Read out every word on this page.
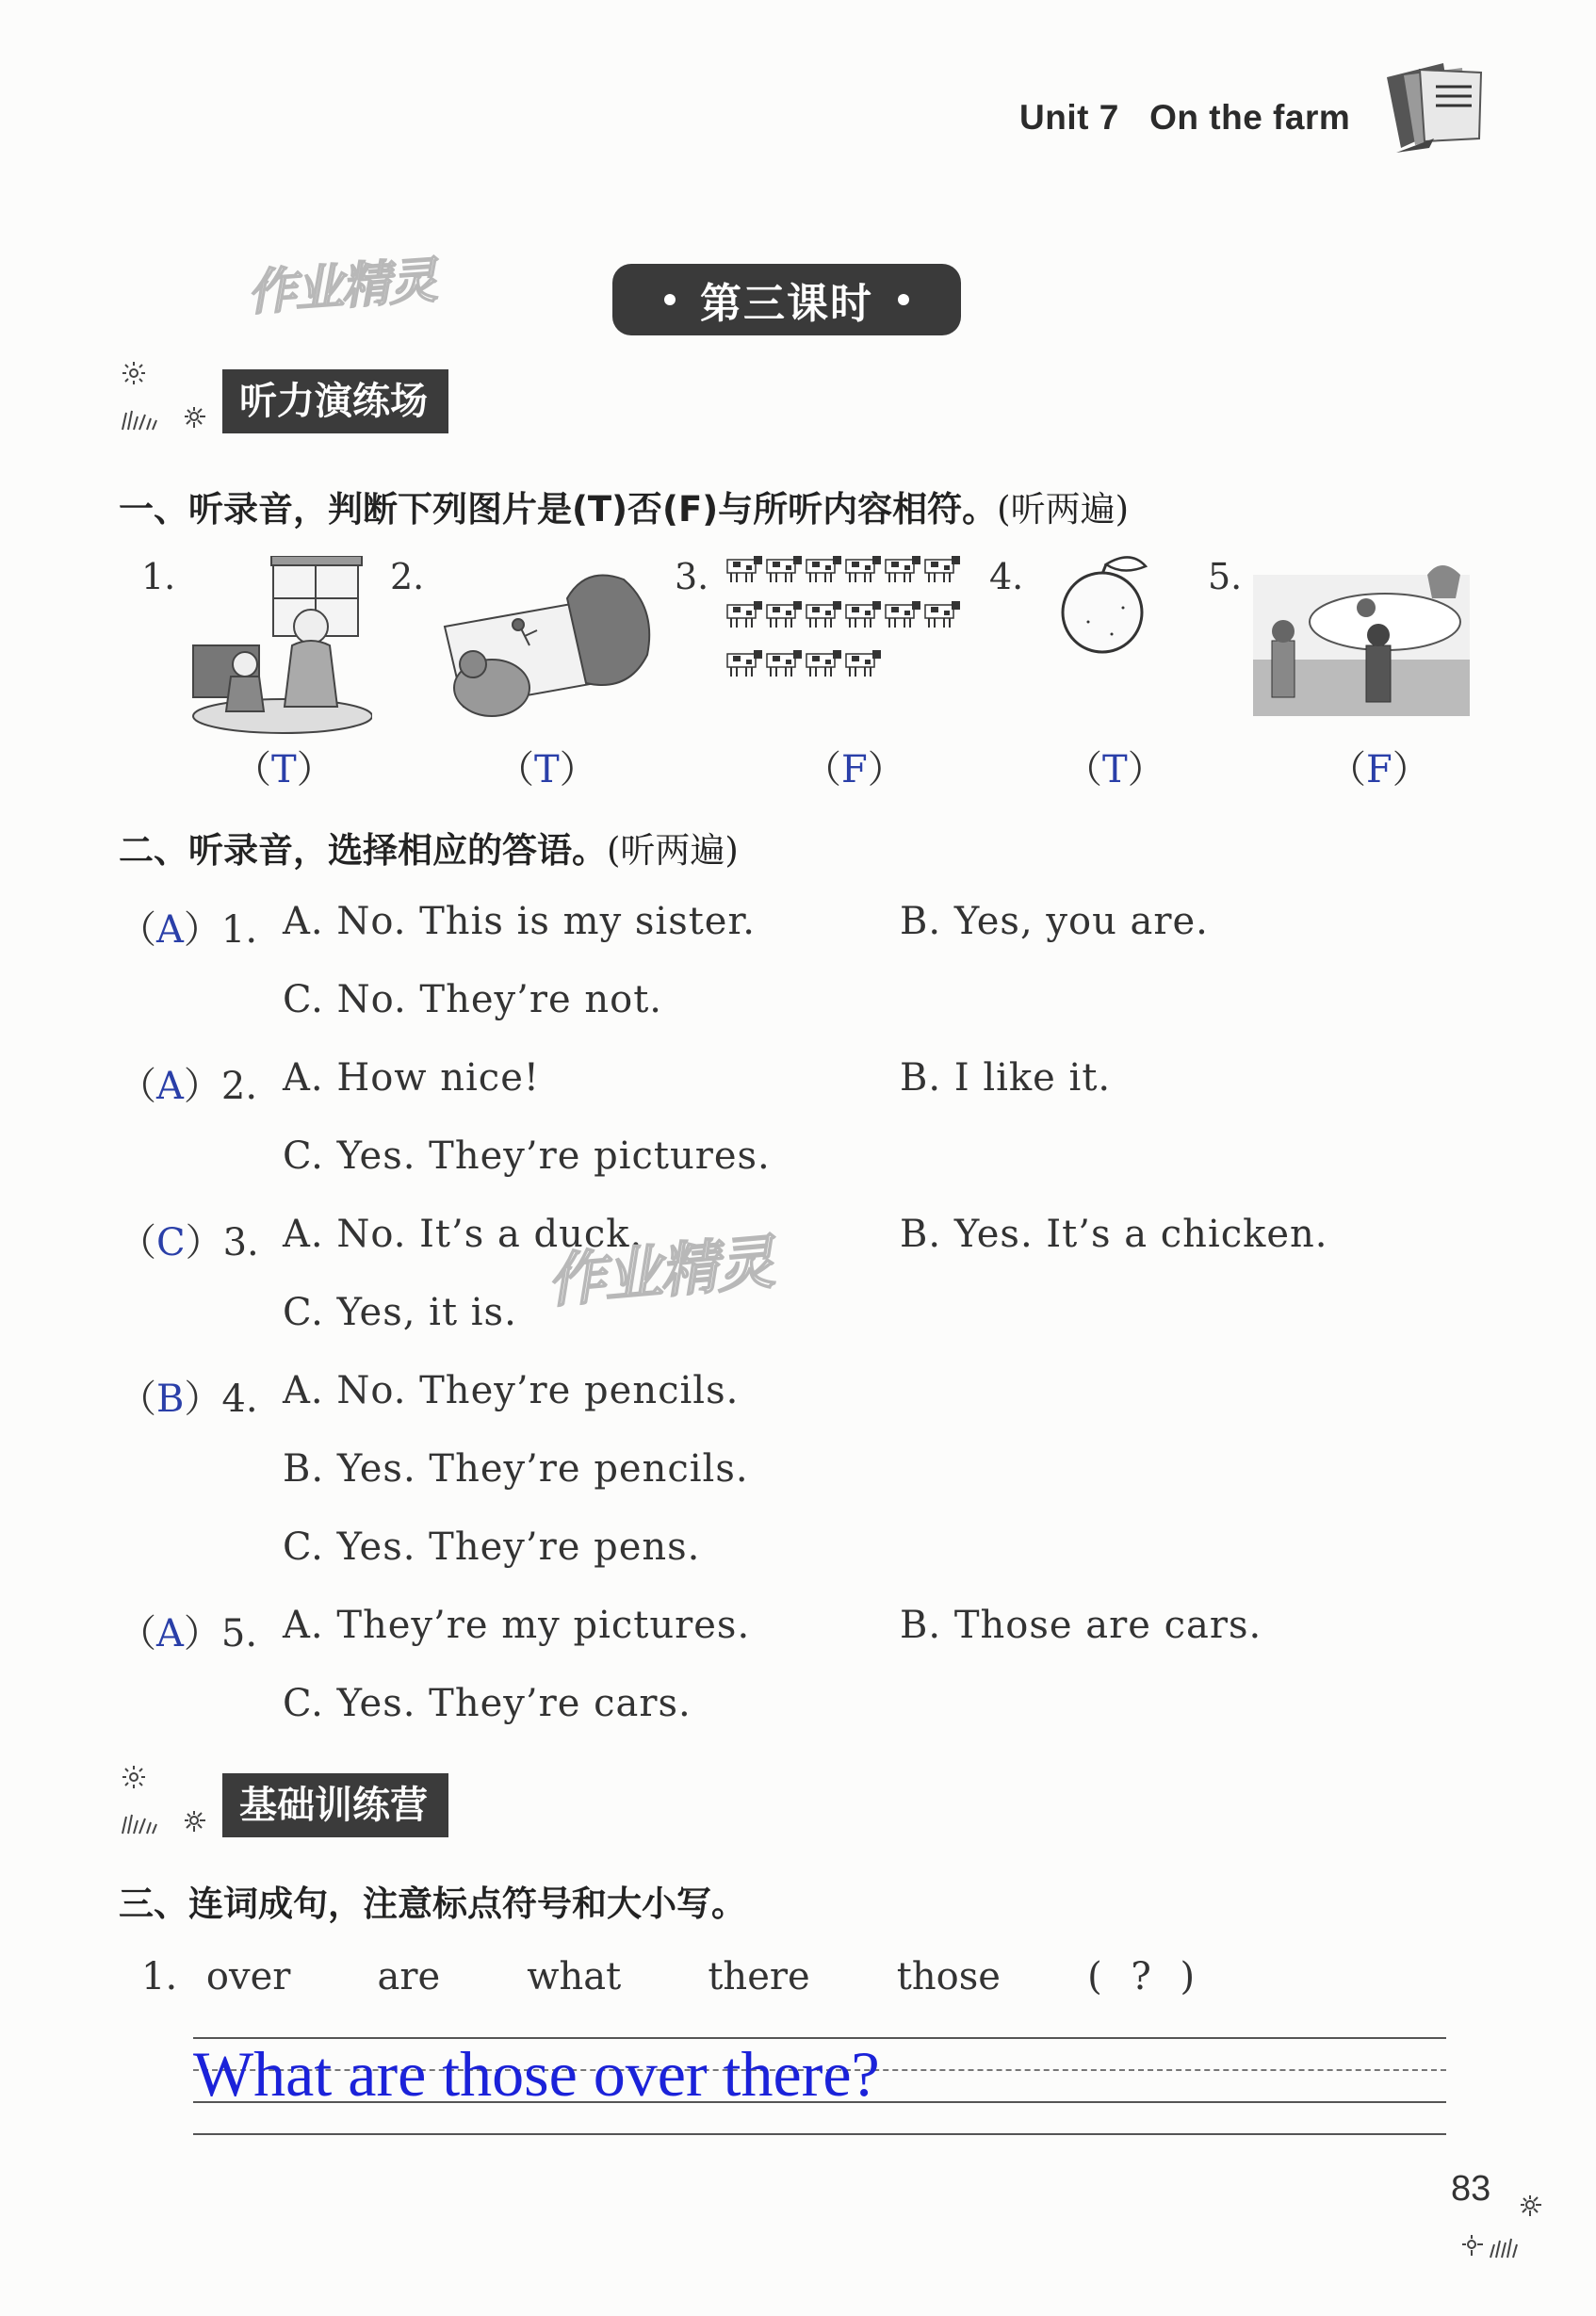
Unit 7   On the farm
作业精灵	第三课时
听力演练场
一、听录音，判断下列图片是(T)否(F)与所听内容相符。(听两遍)
1.	2.	3.	4.	5.
（T）	（T）	（F）	（T）	（F）
二、听录音，选择相应的答语。(听两遍)
（A）1. A. No. This is my sister.	B. Yes, you are.
C. No. They’re not.
（A）2. A. How nice!	B. I like it.
C. Yes. They’re pictures.
（C）3. A. No. It’s a duck.	B. Yes. It’s a chicken.
C. Yes, it is. 作业精灵
（B）4. A. No. They’re pencils.
B. Yes. They’re pencils.
C. Yes. They’re pens.
（A）5. A. They’re my pictures.	B. Those are cars.
C. Yes. They’re cars.
基础训练营
三、连词成句，注意标点符号和大小写。
1. over   are   what   there   those   ( ? )
What are those over there?
83
